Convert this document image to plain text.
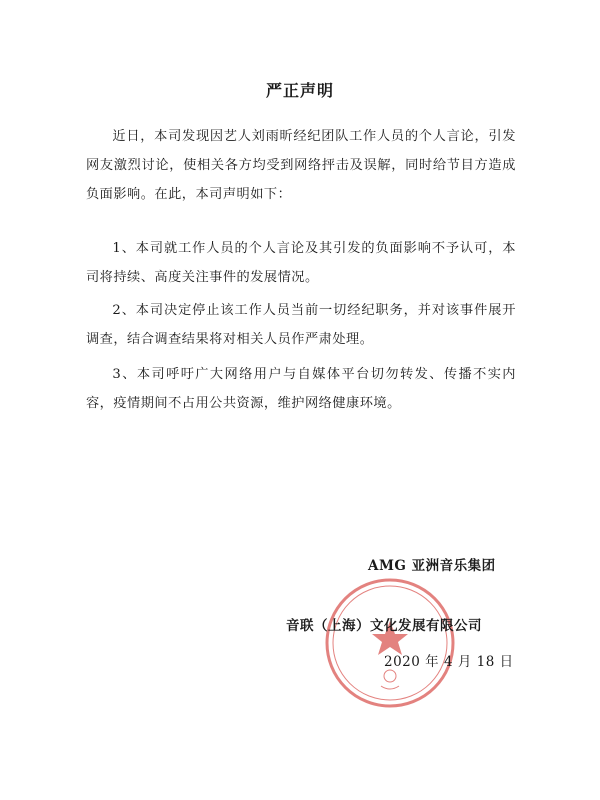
严正声明

近日，本司发现因艺人刘雨昕经纪团队工作人员的个人言论，引发网友激烈讨论，使相关各方均受到网络抨击及误解，同时给节目方造成负面影响。在此，本司声明如下：

1、本司就工作人员的个人言论及其引发的负面影响不予认可，本司将持续、高度关注事件的发展情况。

2、本司决定停止该工作人员当前一切经纪职务，并对该事件展开调查，结合调查结果将对相关人员作严肃处理。

3、本司呼吁广大网络用户与自媒体平台切勿转发、传播不实内容，疫情期间不占用公共资源，维护网络健康环境。

AMG 亚洲音乐集团

音联（上海）文化发展有限公司

2020 年 4 月 18 日
